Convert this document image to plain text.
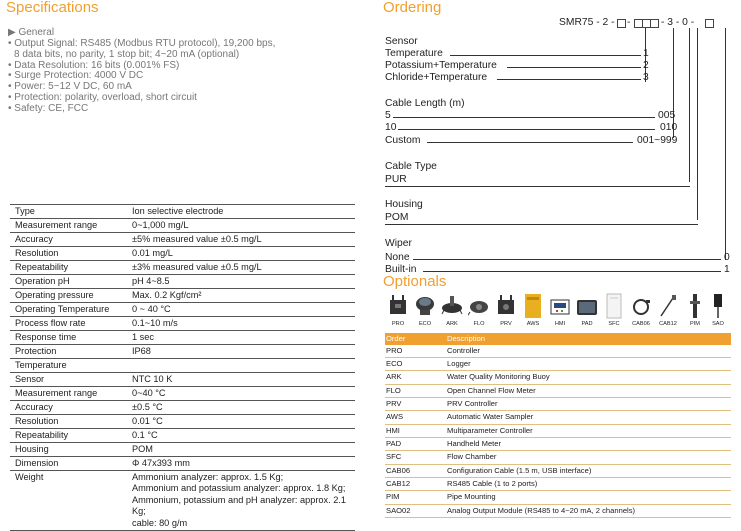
Specifications
▶ General
• Output Signal: RS485 (Modbus RTU protocol), 19,200 bps,
8 data bits, no parity, 1 stop bit; 4~20 mA (optional)
• Data Resolution: 16 bits (0.001% FS)
• Surge Protection: 4000 V DC
• Power: 5~12 V DC, 60 mA
• Protection: polarity, overload, short circuit
• Safety: CE, FCC
Type	Ion selective electrode
Measurement range	0~1,000 mg/L
Accuracy	±5% measured value ±0.5 mg/L
Resolution	0.01 mg/L
Repeatability	±3% measured value ±0.5 mg/L
Operation pH	pH 4~8.5
Operating pressure	Max. 0.2 Kgf/cm²
Operating Temperature	0 ~ 40 °C
Process flow rate	0.1~10 m/s
Response time	1 sec
Protection	IP68
Temperature
Sensor	NTC 10 K
Measurement range	0~40 °C
Accuracy	±0.5 °C
Resolution	0.01 °C
Repeatability	0.1 °C
Housing	POM
Dimension	Φ 47x393 mm
Weight	Ammonium analyzer: approx. 1.5 Kg;
Ammonium and potassium analyzer: approx. 1.8 Kg;
Ammonium, potassium and pH analyzer: approx. 2.1 Kg;
cable: 80 g/m
Ordering
SMR75 - 2 - -	- 3 - 0 -
Sensor
Temperature	1
Potassium+Temperature	2
Chloride+Temperature	3
Cable Length (m)
5	005
10	010
Custom	001~999
Cable Type
PUR
Housing
POM
Wiper
None	0
Built-in	1
Optionals
PRO	ECO	ARK	FLO	PRV	AWS	HMI	PAD	SFC	CAB06	CAB12	PIM	SAO
Order	Description
PRO	Controller
ECO	Logger
ARK	Water Quality Monitoring Buoy
FLO	Open Channel Flow Meter
PRV	PRV Controller
AWS	Automatic Water Sampler
HMI	Multiparameter Controller
PAD	Handheld Meter
SFC	Flow Chamber
CAB06	Configuration Cable (1.5 m, USB interface)
CAB12	RS485 Cable (1 to 2 ports)
PIM	Pipe Mounting
SAO02	Analog Output Module (RS485 to 4~20 mA, 2 channels)
